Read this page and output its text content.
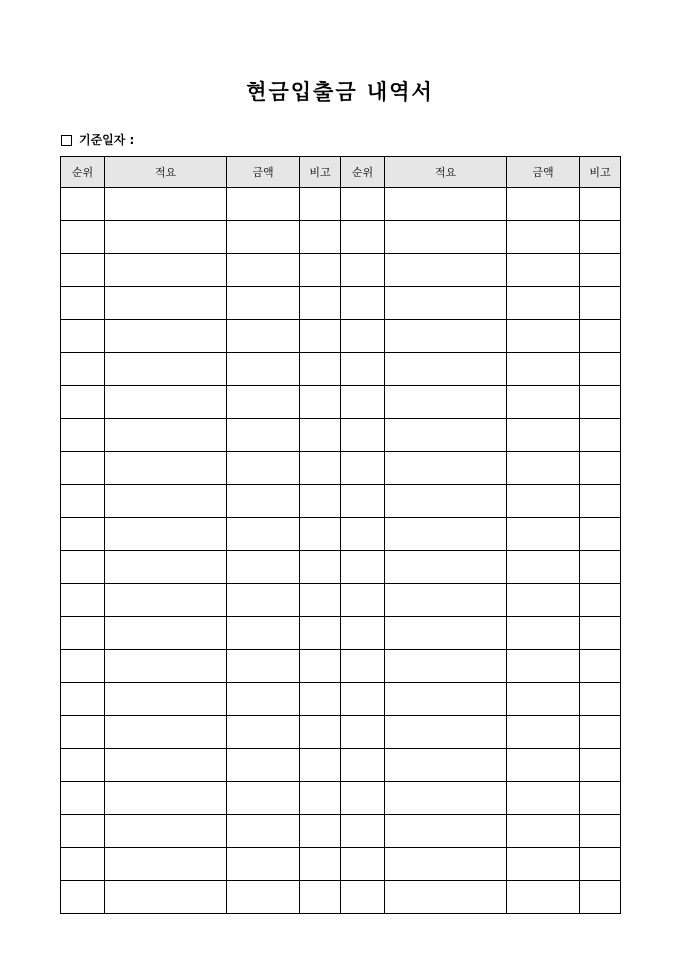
현금입출금 내역서
기준일자 :
순위	적요	금액	비고	순위	적요	금액	비고
